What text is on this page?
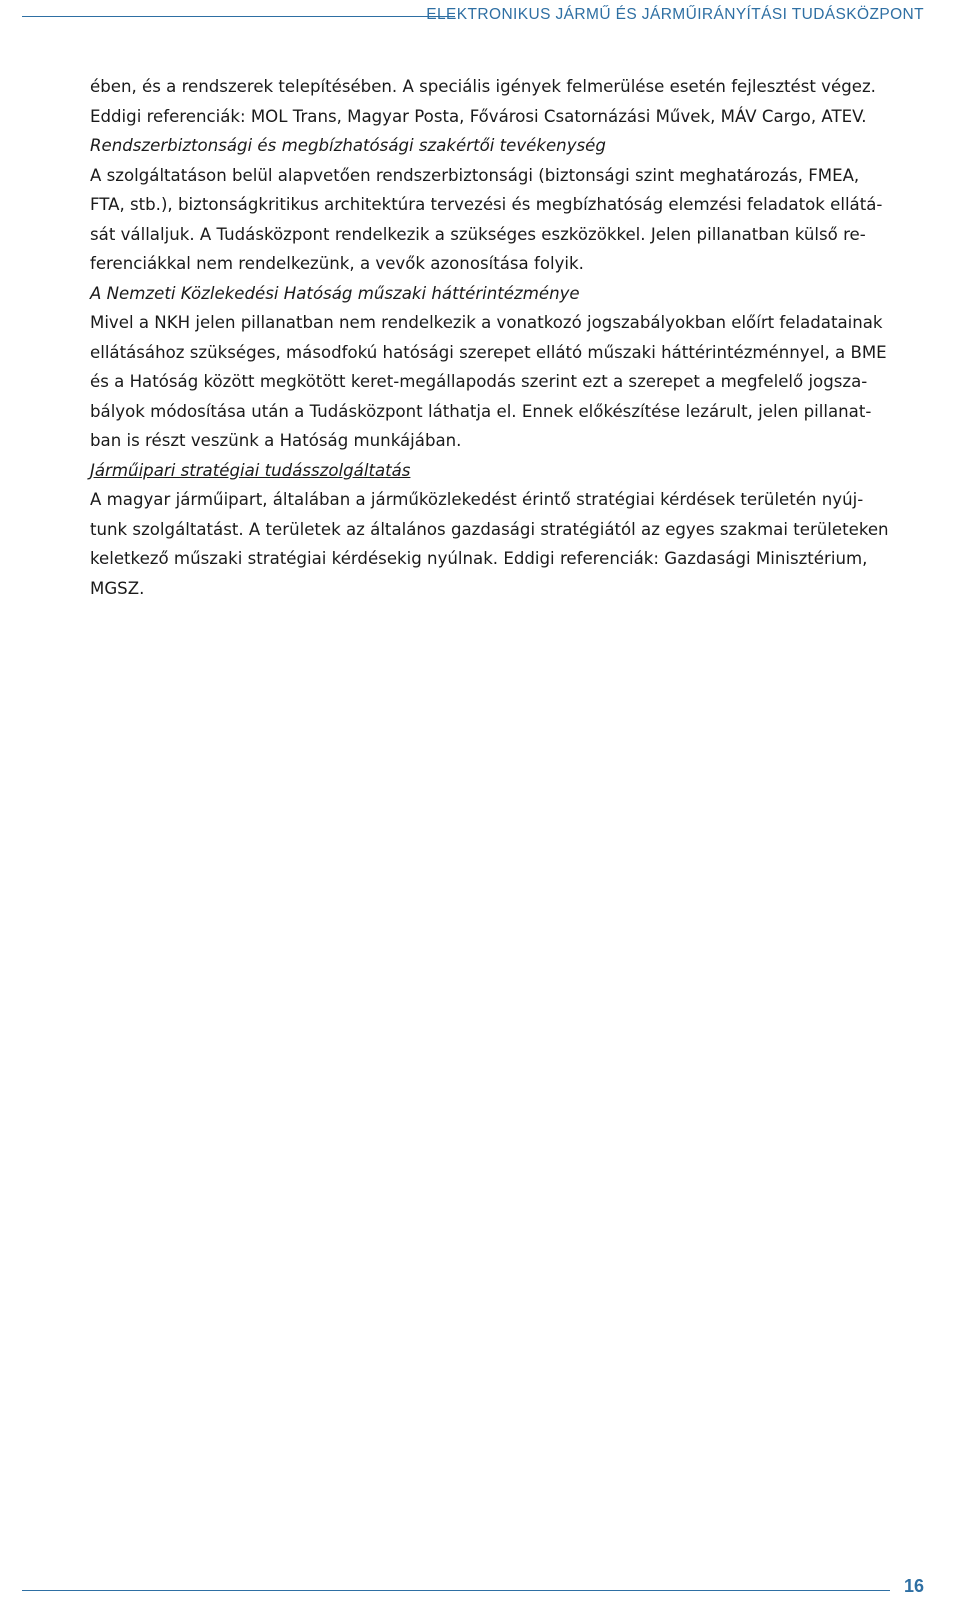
ELEKTRONIKUS JÁRMŰ ÉS JÁRMŰIRÁNYÍTÁSI TUDÁSKÖZPONT

ében, és a rendszerek telepítésében. A speciális igények felmerülése esetén fejlesztést végez.
Eddigi referenciák: MOL Trans, Magyar Posta, Fővárosi Csatornázási Művek, MÁV Cargo, ATEV.

Rendszerbiztonsági és megbízhatósági szakértői tevékenység

A szolgáltatáson belül alapvetően rendszerbiztonsági (biztonsági szint meghatározás, FMEA,
FTA, stb.), biztonságkritikus architektúra tervezési és megbízhatóság elemzési feladatok ellátá-
sát vállaljuk. A Tudásközpont rendelkezik a szükséges eszközökkel. Jelen pillanatban külső re-
ferenciákkal nem rendelkezünk, a vevők azonosítása folyik.

A Nemzeti Közlekedési Hatóság műszaki háttérintézménye

Mivel a NKH jelen pillanatban nem rendelkezik a vonatkozó jogszabályokban előírt feladatainak
ellátásához szükséges, másodfokú hatósági szerepet ellátó műszaki háttérintézménnyel, a BME
és a Hatóság között megkötött keret-megállapodás szerint ezt a szerepet a megfelelő jogsza-
bályok módosítása után a Tudásközpont láthatja el. Ennek előkészítése lezárult, jelen pillanat-
ban is részt veszünk a Hatóság munkájában.

Járműipari stratégiai tudásszolgáltatás

A magyar járműipart, általában a járműközlekedést érintő stratégiai kérdések területén nyúj-
tunk szolgáltatást. A területek az általános gazdasági stratégiától az egyes szakmai területeken
keletkező műszaki stratégiai kérdésekig nyúlnak. Eddigi referenciák: Gazdasági Minisztérium,
MGSZ.

16
